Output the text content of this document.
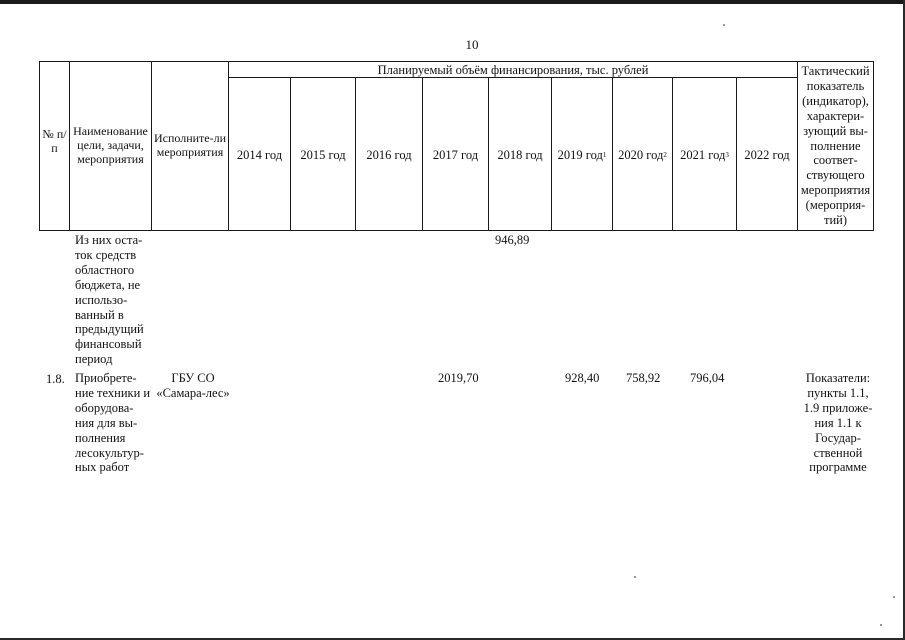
10
№ п/п
Наименование цели, задачи, мероприятия
Исполните-ли мероприятия
Планируемый объём финансирования, тыс. рублей
2014 год 2015 год 2016 год 2017 год 2018 год 2019 год 1 2020 год 2 2021 год 3 2022 год
Тактический показатель (индикатор), характери-зующий вы-полнение соответ-ствующего мероприятия (мероприя-тий)
Из них оста-ток средств областного бюджета, не использо-ванный в предыдущий финансовый период
946,89
1.8. Приобрете-ние техники и оборудова-ния для вы-полнения лесокультур-ных работ
ГБУ СО «Самара-лес»
2019,70	928,40 758,92 796,04	Показатели: пункты 1.1, 1.9 приложе-ния 1.1 к Государ-ственной программе
